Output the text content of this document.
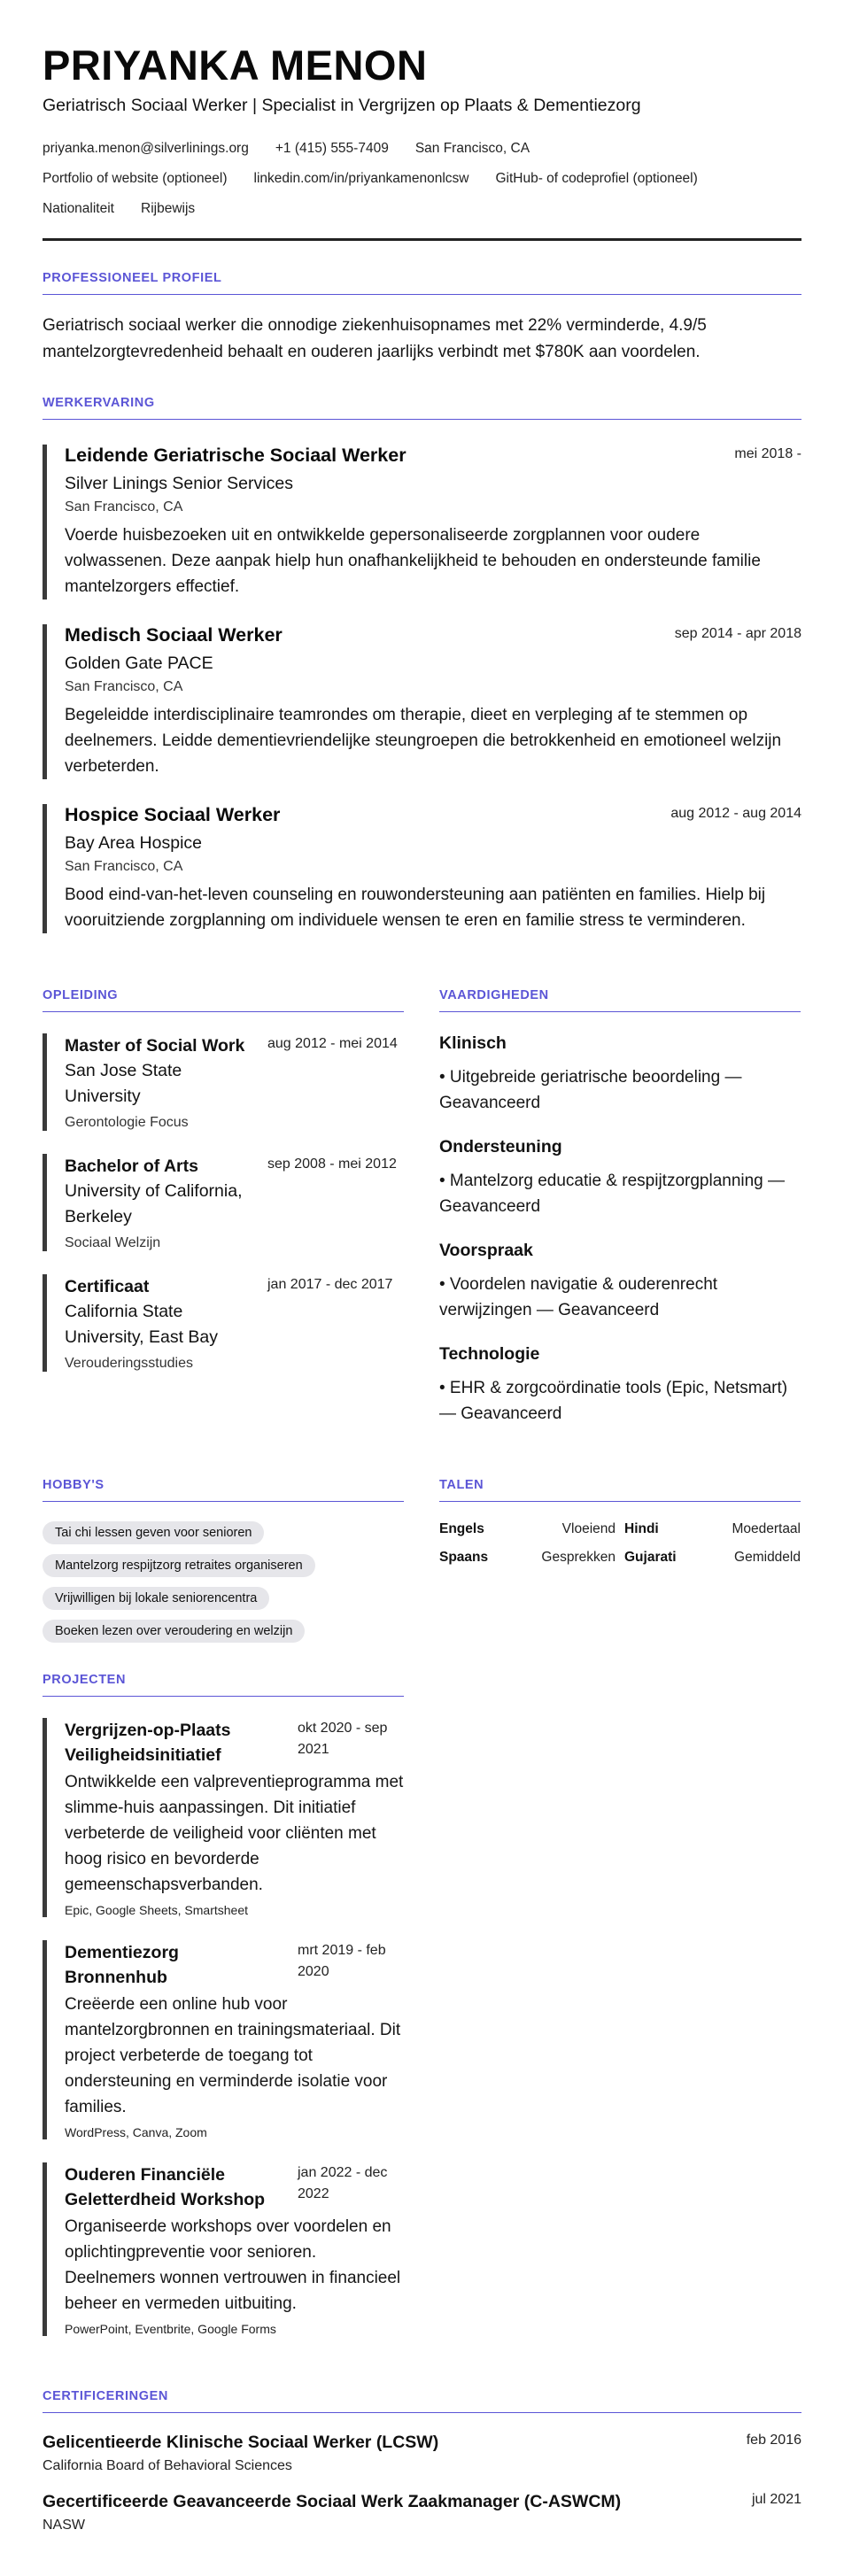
PRIYANKA MENON
Geriatrisch Sociaal Werker | Specialist in Vergrijzen op Plaats & Dementiezorg
priyanka.menon@silverlinings.org +1 (415) 555-7409 San Francisco, CA
Portfolio of website (optioneel) linkedin.com/in/priyankamenonlcsw GitHub- of codeprofiel (optioneel)
Nationaliteit Rijbewijs
PROFESSIONEEL PROFIEL

Geriatrisch sociaal werker die onnodige ziekenhuisopnames met 22% verminderde, 4.9/5 mantelzorgtevredenheid behaalt en ouderen jaarlijks verbindt met $780K aan voordelen.

WERKERVARING
Leidende Geriatrische Sociaal Werker	mei 2018 -
Silver Linings Senior Services
San Francisco, CA

Voerde huisbezoeken uit en ontwikkelde gepersonaliseerde zorgplannen voor oudere volwassenen. Deze aanpak hielp hun onafhankelijkheid te behouden en ondersteunde familie mantelzorgers effectief.

Medisch Sociaal Werker	sep 2014 - apr 2018
Golden Gate PACE
San Francisco, CA

Begeleidde interdisciplinaire teamrondes om therapie, dieet en verpleging af te stemmen op deelnemers. Leidde dementievriendelijke steungroepen die betrokkenheid en emotioneel welzijn verbeterden.

Hospice Sociaal Werker	aug 2012 - aug 2014
Bay Area Hospice
San Francisco, CA

Bood eind-van-het-leven counseling en rouwondersteuning aan patiënten en families. Hielp bij vooruitziende zorgplanning om individuele wensen te eren en familie stress te verminderen.

OPLEIDING
Master of Social Work
San Jose State University
Gerontologie Focus
aug 2012 - mei 2014
Bachelor of Arts
University of California, Berkeley
Sociaal Welzijn
sep 2008 - mei 2012
Certificaat
California State University, East Bay
Verouderingsstudies
jan 2017 - dec 2017
VAARDIGHEDEN
Klinisch
• Uitgebreide geriatrische beoordeling — Geavanceerd
Ondersteuning
• Mantelzorg educatie & respijtzorgplanning — Geavanceerd
Voorspraak
• Voordelen navigatie & ouderenrecht verwijzingen — Geavanceerd
Technologie
• EHR & zorgcoördinatie tools (Epic, Netsmart) — Geavanceerd
HOBBY'S
Tai chi lessen geven voor senioren
Mantelzorg respijtzorg retraites organiseren
Vrijwilligen bij lokale seniorencentra
Boeken lezen over veroudering en welzijn
TALEN
Engels	Vloeiend Hindi	Moedertaal
Spaans	Gesprekken Gujarati	Gemiddeld
PROJECTEN
Vergrijzen-op-Plaats Veiligheidsinitiatief
okt 2020 - sep 2021

Ontwikkelde een valpreventieprogramma met slimme-huis aanpassingen. Dit initiatief verbeterde de veiligheid voor cliënten met hoog risico en bevorderde gemeenschapsverbanden.

Epic, Google Sheets, Smartsheet
Dementiezorg Bronnenhub
mrt 2019 - feb 2020

Creëerde een online hub voor mantelzorgbronnen en trainingsmateriaal. Dit project verbeterde de toegang tot ondersteuning en verminderde isolatie voor families.

WordPress, Canva, Zoom
Ouderen Financiële Geletterdheid Workshop
jan 2022 - dec 2022

Organiseerde workshops over voordelen en oplichtingpreventie voor senioren. Deelnemers wonnen vertrouwen in financieel beheer en vermeden uitbuiting.

PowerPoint, Eventbrite, Google Forms
CERTIFICERINGEN
Gelicentieerde Klinische Sociaal Werker (LCSW)	feb 2016
California Board of Behavioral Sciences
Gecertificeerde Geavanceerde Sociaal Werk Zaakmanager (C-ASWCM)	jul 2021
NASW
